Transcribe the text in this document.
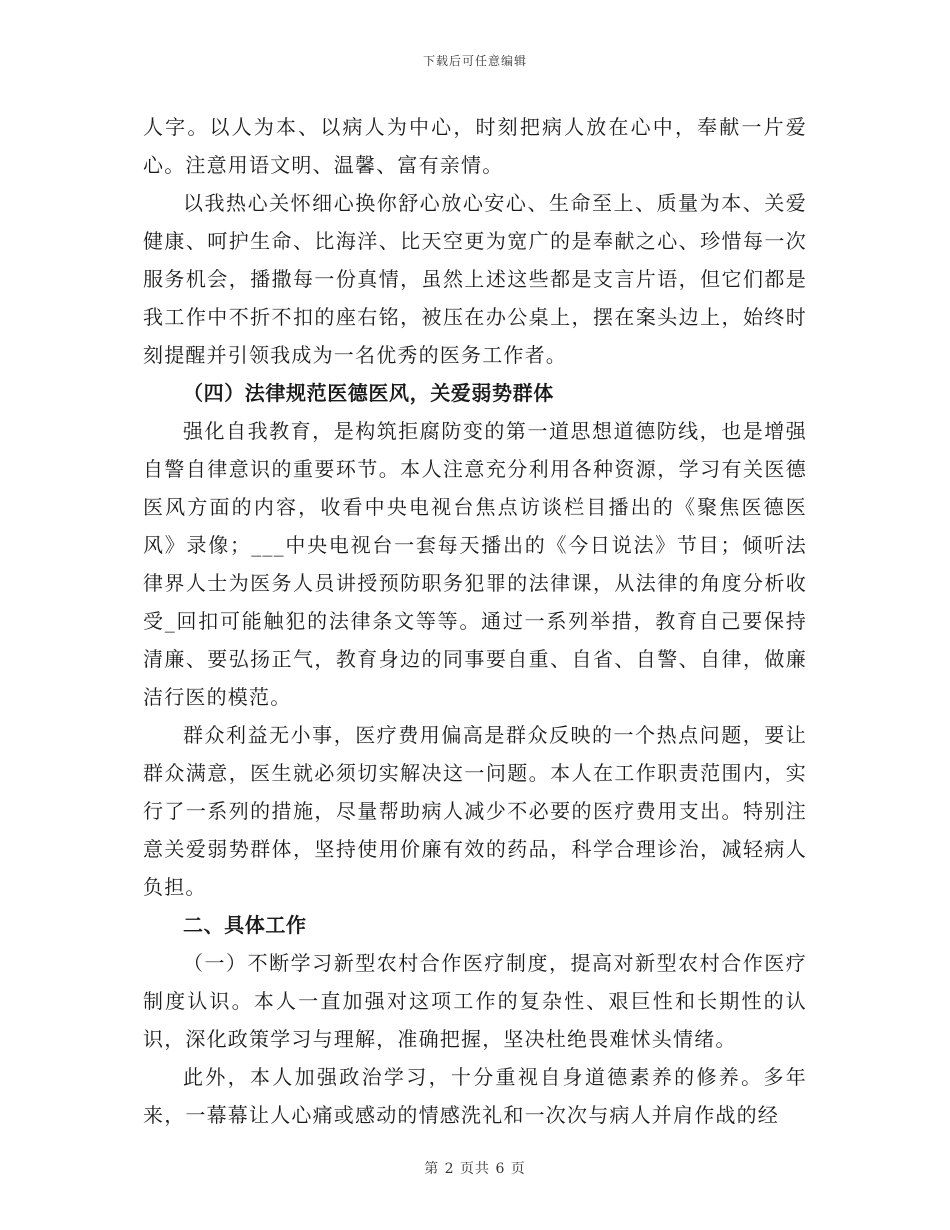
下载后可任意编辑

人字。以人为本、以病人为中心，时刻把病人放在心中，奉献一片爱心。注意用语文明、温馨、富有亲情。

以我热心关怀细心换你舒心放心安心、生命至上、质量为本、关爱健康、呵护生命、比海洋、比天空更为宽广的是奉献之心、珍惜每一次服务机会，播撒每一份真情，虽然上述这些都是支言片语，但它们都是我工作中不折不扣的座右铭，被压在办公桌上，摆在案头边上，始终时刻提醒并引领我成为一名优秀的医务工作者。

（四）法律规范医德医风，关爱弱势群体

强化自我教育，是构筑拒腐防变的第一道思想道德防线，也是增强自警自律意识的重要环节。本人注意充分利用各种资源，学习有关医德医风方面的内容，收看中央电视台焦点访谈栏目播出的《聚焦医德医风》录像；___中央电视台一套每天播出的《今日说法》节目；倾听法律界人士为医务人员讲授预防职务犯罪的法律课，从法律的角度分析收受_回扣可能触犯的法律条文等等。通过一系列举措，教育自己要保持清廉、要弘扬正气，教育身边的同事要自重、自省、自警、自律，做廉洁行医的模范。

群众利益无小事，医疗费用偏高是群众反映的一个热点问题，要让群众满意，医生就必须切实解决这一问题。本人在工作职责范围内，实行了一系列的措施，尽量帮助病人减少不必要的医疗费用支出。特别注意关爱弱势群体，坚持使用价廉有效的药品，科学合理诊治，减轻病人负担。

二、具体工作

（一）不断学习新型农村合作医疗制度，提高对新型农村合作医疗制度认识。本人一直加强对这项工作的复杂性、艰巨性和长期性的认识，深化政策学习与理解，准确把握，坚决杜绝畏难怵头情绪。

此外，本人加强政治学习，十分重视自身道德素养的修养。多年来，一幕幕让人心痛或感动的情感洗礼和一次次与病人并肩作战的经

第 2 页共 6 页
